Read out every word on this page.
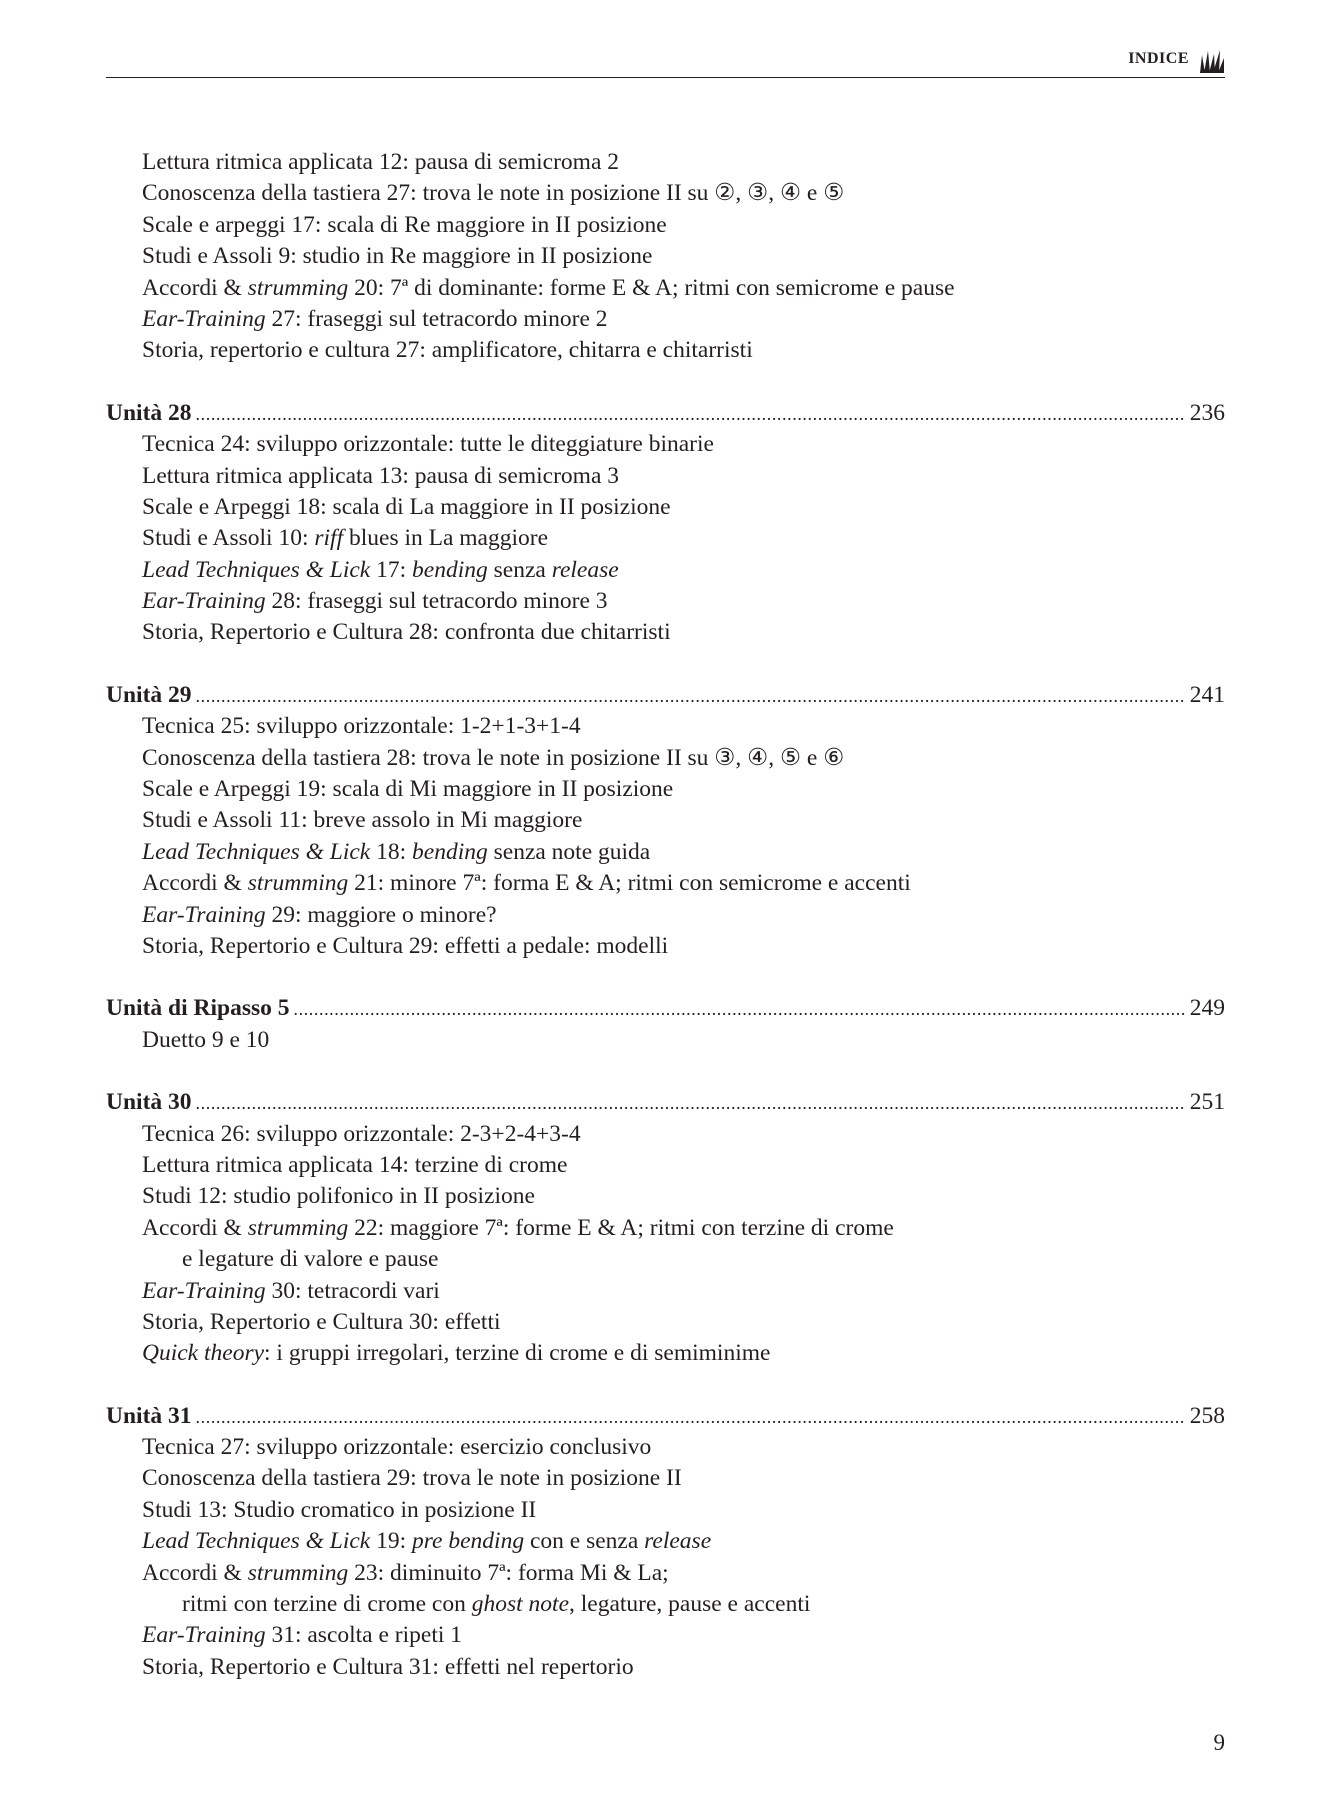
INDICE
Lettura ritmica applicata 12: pausa di semicroma 2
Conoscenza della tastiera 27: trova le note in posizione II su ②, ③, ④ e ⑤
Scale e arpeggi 17: scala di Re maggiore in II posizione
Studi e Assoli 9: studio in Re maggiore in II posizione
Accordi & strumming 20: 7ª di dominante: forme E & A; ritmi con semicrome e pause
Ear-Training 27: fraseggi sul tetracordo minore 2
Storia, repertorio e cultura 27: amplificatore, chitarra e chitarristi
Unità 28 .....	236
Tecnica 24: sviluppo orizzontale: tutte le diteggiature binarie
Lettura ritmica applicata 13: pausa di semicroma 3
Scale e Arpeggi 18: scala di La maggiore in II posizione
Studi e Assoli 10: riff blues in La maggiore
Lead Techniques & Lick 17: bending senza release
Ear-Training 28: fraseggi sul tetracordo minore 3
Storia, Repertorio e Cultura 28: confronta due chitarristi
Unità 29 .....	241
Tecnica 25: sviluppo orizzontale: 1-2+1-3+1-4
Conoscenza della tastiera 28: trova le note in posizione II su ③, ④, ⑤ e ⑥
Scale e Arpeggi 19: scala di Mi maggiore in II posizione
Studi e Assoli 11: breve assolo in Mi maggiore
Lead Techniques & Lick 18: bending senza note guida
Accordi & strumming 21: minore 7ª: forma E & A; ritmi con semicrome e accenti
Ear-Training 29: maggiore o minore?
Storia, Repertorio e Cultura 29: effetti a pedale: modelli
Unità di Ripasso 5 .....	249
Duetto 9 e 10
Unità 30 .....	251
Tecnica 26: sviluppo orizzontale: 2-3+2-4+3-4
Lettura ritmica applicata 14: terzine di crome
Studi 12: studio polifonico in II posizione
Accordi & strumming 22: maggiore 7ª: forme E & A; ritmi con terzine di crome
e legature di valore e pause
Ear-Training 30: tetracordi vari
Storia, Repertorio e Cultura 30: effetti
Quick theory: i gruppi irregolari, terzine di crome e di semiminime
Unità 31 .....	258
Tecnica 27: sviluppo orizzontale: esercizio conclusivo
Conoscenza della tastiera 29: trova le note in posizione II
Studi 13: Studio cromatico in posizione II
Lead Techniques & Lick 19: pre bending con e senza release
Accordi & strumming 23: diminuito 7ª: forma Mi & La;
ritmi con terzine di crome con ghost note, legature, pause e accenti
Ear-Training 31: ascolta e ripeti 1
Storia, Repertorio e Cultura 31: effetti nel repertorio
9
